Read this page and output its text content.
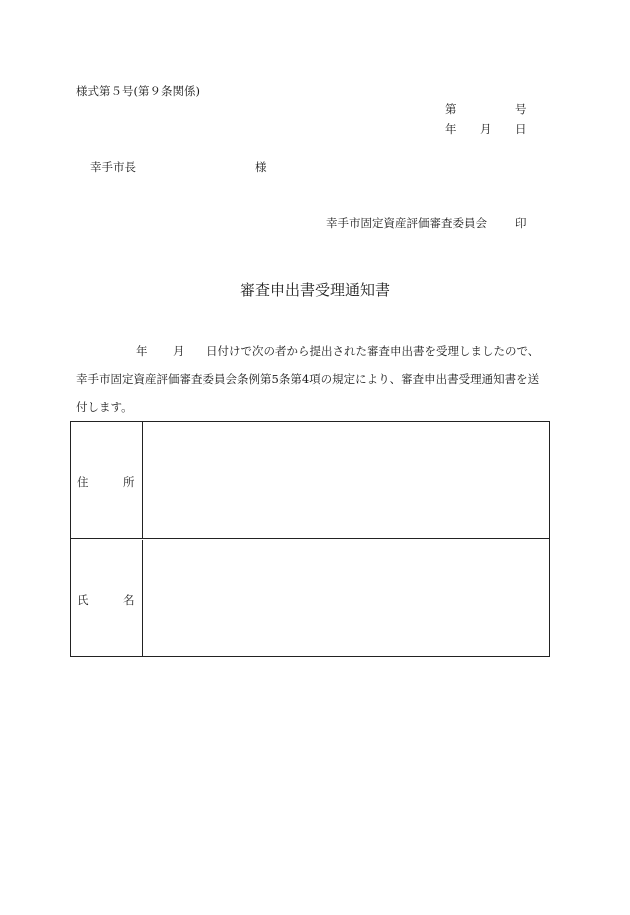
様式第５号(第９条関係)
第	号
年 月 日
幸手市長	様
幸手市固定資産評価審査委員会 印
審査申出書受理通知書
年 月 日付けで次の者から提出された審査申出書を受理しましたので、
幸手市固定資産評価審査委員会条例第5条第4項の規定により、審査申出書受理通知書を送
付します。
住	所
氏	名
